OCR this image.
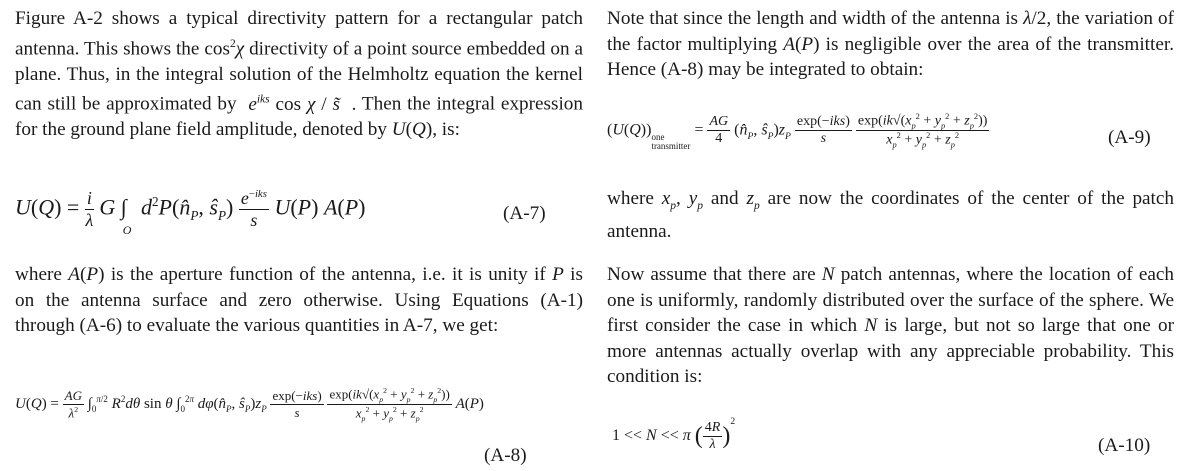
Figure A-2 shows a typical directivity pattern for a rectangular patch antenna. This shows the $\cos^2\chi$ directivity of a point source embedded on a plane. Thus, in the integral solution of the Helmholtz equation the kernel can still be approximated by  $e^{iks}$ cos χ / s̃  . Then the integral expression for the ground plane field amplitude, denoted by U(Q), is:

$U(Q) = \frac{i}{\lambda}$ G $\int_O$ $d^2P(n̂_P$, $ŝ_P) \frac{e^{-iks}}{s} U(P)$ A(P)	(A-7)

where A(P) is the aperture function of the antenna, i.e. it is unity if P is on the antenna surface and zero otherwise. Using Equations (A-1) through (A-6) to evaluate the various quantities in A-7, we get:

$U(Q) = \frac{AG}{\lambda^2} \int_0^{\pi/2}$ $R^2d\theta$ sin θ $\int_0^{2\pi}$ $d\varphi(n̂_P$, $ŝ_P)z_P \frac{\text{exp(−iks)}}{s}$
$\frac{\exp(ik√(x_p^2 + y_p^2 + z_p^2))}{x_p^2 + y_p^2 + z_p^2} A(P)$
(A-8)

Note that since the length and width of the antenna is λ/2, the variation of the factor multiplying A(P) is negligible over the area of the transmitter. Hence (A-8) may be integrated to obtain:

$(U(Q))_{one transmitter} = \frac{AG}{4}$ ($n̂_P$, $ŝ_P)z_P \frac{\text{exp(−iks)}}{s}$
$\frac{\exp(ik√(x_p^2 + y_p^2 + z_p^2))}{x_p^2 + y_p^2 + z_p^2}$	(A-9)

where $x_p$, $y_p$ and $z_p$ are now the coordinates of the center of the patch antenna.

Now assume that there are N patch antennas, where the location of each one is uniformly, randomly distributed over the surface of the sphere. We first consider the case in which N is large, but not so large that one or more antennas actually overlap with any appreciable probability. This condition is:

1 << N << π ( $\frac{4R}{\lambda} )^2$
(A-10)
